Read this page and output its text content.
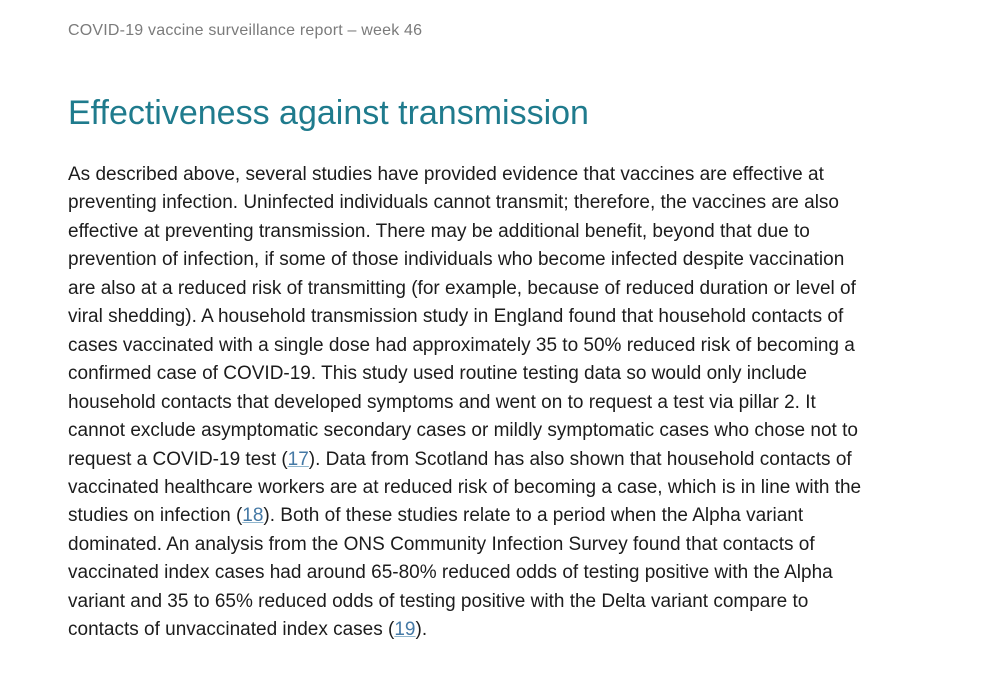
COVID-19 vaccine surveillance report – week 46
Effectiveness against transmission
As described above, several studies have provided evidence that vaccines are effective at
preventing infection. Uninfected individuals cannot transmit; therefore, the vaccines are also
effective at preventing transmission. There may be additional benefit, beyond that due to
prevention of infection, if some of those individuals who become infected despite vaccination
are also at a reduced risk of transmitting (for example, because of reduced duration or level of
viral shedding). A household transmission study in England found that household contacts of
cases vaccinated with a single dose had approximately 35 to 50% reduced risk of becoming a
confirmed case of COVID-19. This study used routine testing data so would only include
household contacts that developed symptoms and went on to request a test via pillar 2. It
cannot exclude asymptomatic secondary cases or mildly symptomatic cases who chose not to
request a COVID-19 test (17). Data from Scotland has also shown that household contacts of
vaccinated healthcare workers are at reduced risk of becoming a case, which is in line with the
studies on infection (18). Both of these studies relate to a period when the Alpha variant
dominated. An analysis from the ONS Community Infection Survey found that contacts of
vaccinated index cases had around 65-80% reduced odds of testing positive with the Alpha
variant and 35 to 65% reduced odds of testing positive with the Delta variant compare to
contacts of unvaccinated index cases (19).
